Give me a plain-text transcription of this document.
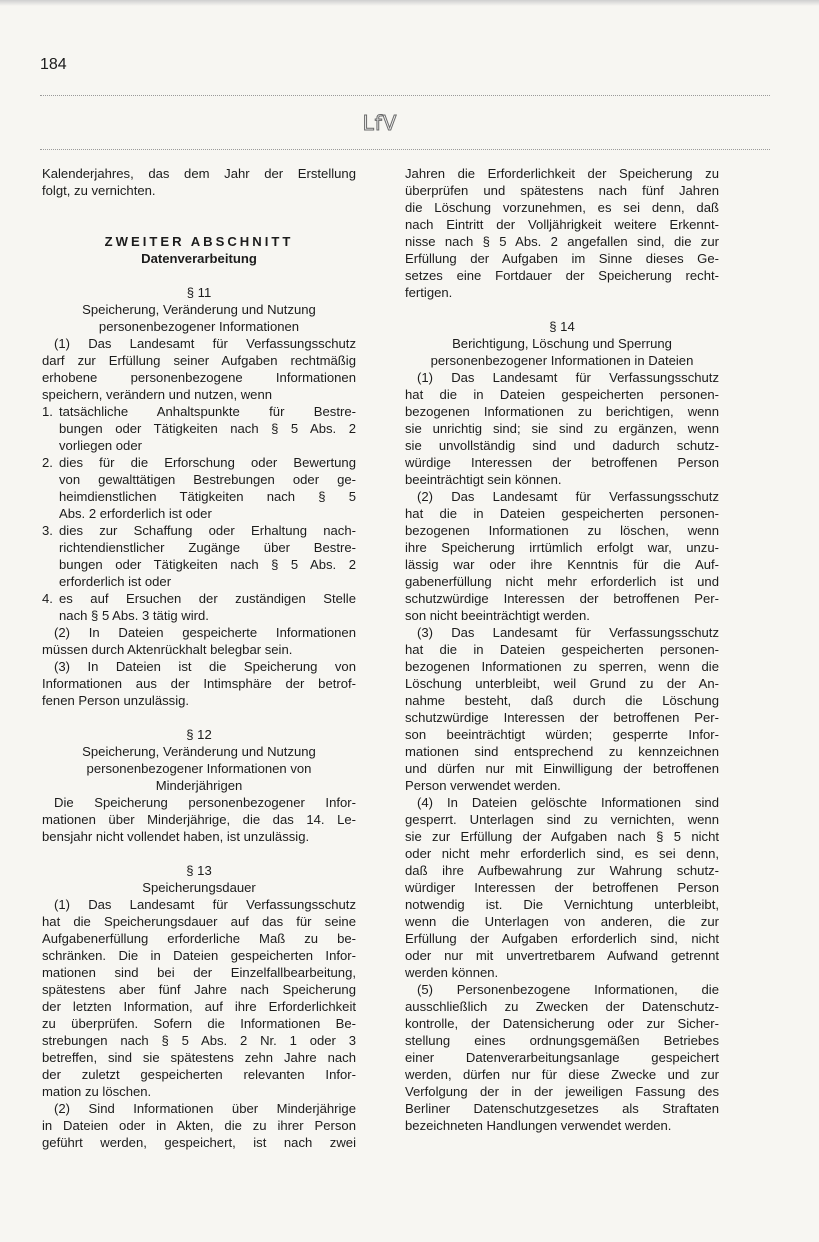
184
LfV
Kalenderjahres, das dem Jahr der Erstellung
folgt, zu vernichten.
ZWEITER ABSCHNITT
Datenverarbeitung
§ 11
Speicherung, Veränderung und Nutzung
personenbezogener Informationen
(1) Das Landesamt für Verfassungsschutz
darf zur Erfüllung seiner Aufgaben rechtmäßig
erhobene personenbezogene Informationen
speichern, verändern und nutzen, wenn
1. tatsächliche Anhaltspunkte für Bestre-
bungen oder Tätigkeiten nach § 5 Abs. 2
vorliegen oder
2. dies für die Erforschung oder Bewertung
von gewalttätigen Bestrebungen oder ge-
heimdienstlichen Tätigkeiten nach § 5
Abs. 2 erforderlich ist oder
3. dies zur Schaffung oder Erhaltung nach-
richtendienstlicher Zugänge über Bestre-
bungen oder Tätigkeiten nach § 5 Abs. 2
erforderlich ist oder
4. es auf Ersuchen der zuständigen Stelle
nach § 5 Abs. 3 tätig wird.
(2) In Dateien gespeicherte Informationen
müssen durch Aktenrückhalt belegbar sein.
(3) In Dateien ist die Speicherung von
Informationen aus der Intimsphäre der betrof-
fenen Person unzulässig.
§ 12
Speicherung, Veränderung und Nutzung
personenbezogener Informationen von
Minderjährigen
Die Speicherung personenbezogener Infor-
mationen über Minderjährige, die das 14. Le-
bensjahr nicht vollendet haben, ist unzulässig.
§ 13
Speicherungsdauer
(1) Das Landesamt für Verfassungsschutz
hat die Speicherungsdauer auf das für seine
Aufgabenerfüllung erforderliche Maß zu be-
schränken. Die in Dateien gespeicherten Infor-
mationen sind bei der Einzelfallbearbeitung,
spätestens aber fünf Jahre nach Speicherung
der letzten Information, auf ihre Erforderlichkeit
zu überprüfen. Sofern die Informationen Be-
strebungen nach § 5 Abs. 2 Nr. 1 oder 3
betreffen, sind sie spätestens zehn Jahre nach
der zuletzt gespeicherten relevanten Infor-
mation zu löschen.
(2) Sind Informationen über Minderjährige
in Dateien oder in Akten, die zu ihrer Person
geführt werden, gespeichert, ist nach zwei
Jahren die Erforderlichkeit der Speicherung zu
überprüfen und spätestens nach fünf Jahren
die Löschung vorzunehmen, es sei denn, daß
nach Eintritt der Volljährigkeit weitere Erkennt-
nisse nach § 5 Abs. 2 angefallen sind, die zur
Erfüllung der Aufgaben im Sinne dieses Ge-
setzes eine Fortdauer der Speicherung recht-
fertigen.
§ 14
Berichtigung, Löschung und Sperrung
personenbezogener Informationen in Dateien
(1) Das Landesamt für Verfassungsschutz
hat die in Dateien gespeicherten personen-
bezogenen Informationen zu berichtigen, wenn
sie unrichtig sind; sie sind zu ergänzen, wenn
sie unvollständig sind und dadurch schutz-
würdige Interessen der betroffenen Person
beeinträchtigt sein können.
(2) Das Landesamt für Verfassungsschutz
hat die in Dateien gespeicherten personen-
bezogenen Informationen zu löschen, wenn
ihre Speicherung irrtümlich erfolgt war, unzu-
lässig war oder ihre Kenntnis für die Auf-
gabenerfüllung nicht mehr erforderlich ist und
schutzwürdige Interessen der betroffenen Per-
son nicht beeinträchtigt werden.
(3) Das Landesamt für Verfassungsschutz
hat die in Dateien gespeicherten personen-
bezogenen Informationen zu sperren, wenn die
Löschung unterbleibt, weil Grund zu der An-
nahme besteht, daß durch die Löschung
schutzwürdige Interessen der betroffenen Per-
son beeinträchtigt würden; gesperrte Infor-
mationen sind entsprechend zu kennzeichnen
und dürfen nur mit Einwilligung der betroffenen
Person verwendet werden.
(4) In Dateien gelöschte Informationen sind
gesperrt. Unterlagen sind zu vernichten, wenn
sie zur Erfüllung der Aufgaben nach § 5 nicht
oder nicht mehr erforderlich sind, es sei denn,
daß ihre Aufbewahrung zur Wahrung schutz-
würdiger Interessen der betroffenen Person
notwendig ist. Die Vernichtung unterbleibt,
wenn die Unterlagen von anderen, die zur
Erfüllung der Aufgaben erforderlich sind, nicht
oder nur mit unvertretbarem Aufwand getrennt
werden können.
(5) Personenbezogene Informationen, die
ausschließlich zu Zwecken der Datenschutz-
kontrolle, der Datensicherung oder zur Sicher-
stellung eines ordnungsgemäßen Betriebes
einer Datenverarbeitungsanlage gespeichert
werden, dürfen nur für diese Zwecke und zur
Verfolgung der in der jeweiligen Fassung des
Berliner Datenschutzgesetzes als Straftaten
bezeichneten Handlungen verwendet werden.
